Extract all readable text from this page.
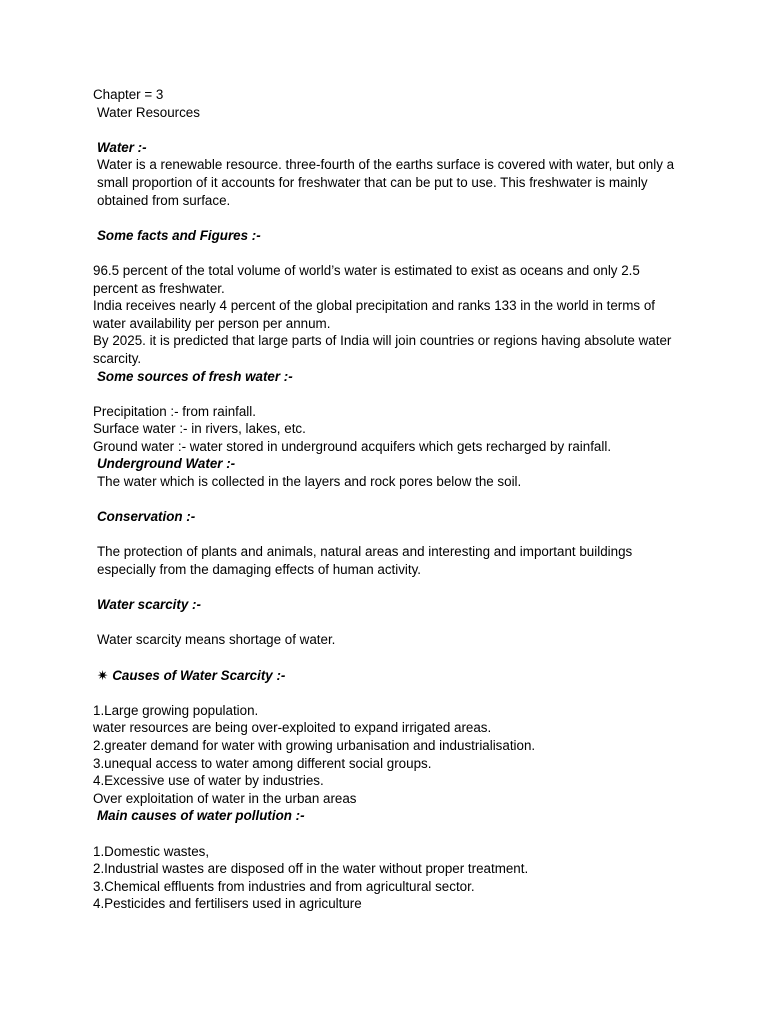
Chapter = 3
Water Resources
Water :-
Water is a renewable resource. three-fourth of the earths surface is covered with water, but only a small proportion of it accounts for freshwater that can be put to use. This freshwater is mainly obtained from surface.
Some facts and Figures :-
96.5 percent of the total volume of world’s water is estimated to exist as oceans and only 2.5 percent as freshwater.
India receives nearly 4 percent of the global precipitation and ranks 133 in the world in terms of water availability per person per annum.
By 2025. it is predicted that large parts of India will join countries or regions having absolute water scarcity.
Some sources of fresh water :-
Precipitation :- from rainfall.
Surface water :- in rivers, lakes, etc.
Ground water :- water stored in underground acquifers which gets recharged by rainfall.
Underground Water :-
The water which is collected in the layers and rock pores below the soil.
Conservation :-
The protection of plants and animals, natural areas and interesting and important buildings especially from the damaging effects of human activity.
Water scarcity :-
Water scarcity means shortage of water.
✷ Causes of Water Scarcity :-
1.Large growing population.
water resources are being over-exploited to expand irrigated areas.
2.greater demand for water with growing urbanisation and industrialisation.
3.unequal access to water among different social groups.
4.Excessive use of water by industries.
Over exploitation of water in the urban areas
Main causes of water pollution :-
1.Domestic wastes,
2.Industrial wastes are disposed off in the water without proper treatment.
3.Chemical effluents from industries and from agricultural sector.
4.Pesticides and fertilisers used in agriculture
